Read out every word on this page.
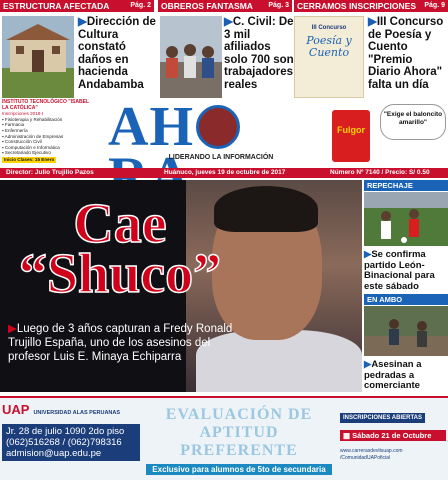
ESTRUCTURA AFECTADA	Pág. 2
▶Dirección de Cultura constató daños en hacienda Andabamba
OBREROS FANTASMA Pág. 3
▶C. Civil: De 3 mil afiliados solo 700 son trabajadores reales
CERRAMOS INSCRIPCIONES Pág. 9
III Concurso
Poesía y Cuento
▶III Concurso de Poesía y Cuento "Premio Diario Ahora" falta un día
INSTITUTO TECNOLÓGICO "ISABEL LA CATÓLICA"
Inscripciones 2018-I
▪ Fisioterapia y Rehabilitación
▪ Farmacia
▪ Enfermería
▪ Administración de Empresas
▪ Construcción Civil
▪ Computación e Informática
▪ Secretariado Ejecutivo
Inicio Clases: 15 Enero
AH
LIDERANDO LA INFORMACIÓN
Fulgor
"Exige el baloncito amarillo"
Director: Julio Trujillo Pazos	Huánuco, jueves 19 de octubre de 2017	Número Nº 7140 / Precio: S/ 0.50
Cae
“Shuco”
▶Luego de 3 años capturan a Fredy Ronald Trujillo España, uno de los asesinos del profesor Luis E. Minaya Echiparra
REPECHAJE
▶Se confirma partido León-Binacional para este sábado
EN AMBO
▶Asesinan a pedradas a comerciante
UAP UNIVERSIDAD ALAS PERUANAS
Jr. 28 de julio 1090 2do piso
(062)516268 / (062)798316
admision@uap.edu.pe
EVALUACIÓN DE APTITUD
PREFERENTE
Exclusivo para alumnos de 5to de secundaria
INSCRIPCIONES ABIERTAS
▦ Sábado 21 de Octubre
www.carrerasdevitsuap.com
/ComunidadUAPoficial
